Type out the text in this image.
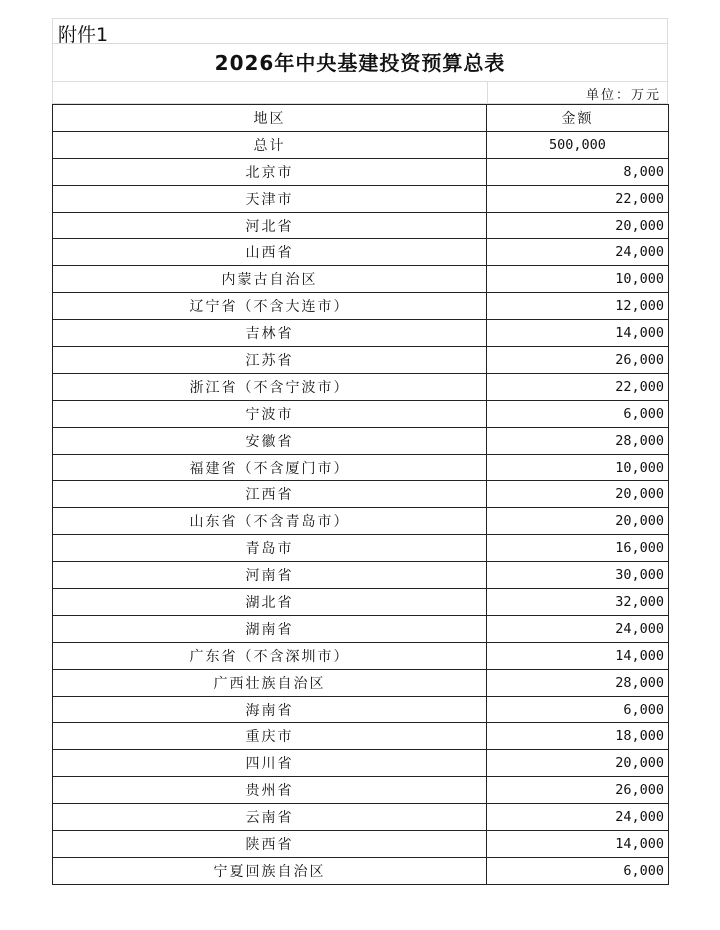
附件1
2026年中央基建投资预算总表
单位：万元
地区	金额
总计	500,000
北京市	8,000
天津市	22,000
河北省	20,000
山西省	24,000
内蒙古自治区	10,000
辽宁省（不含大连市）	12,000
吉林省	14,000
江苏省	26,000
浙江省（不含宁波市）	22,000
宁波市	6,000
安徽省	28,000
福建省（不含厦门市）	10,000
江西省	20,000
山东省（不含青岛市）	20,000
青岛市	16,000
河南省	30,000
湖北省	32,000
湖南省	24,000
广东省（不含深圳市）	14,000
广西壮族自治区	28,000
海南省	6,000
重庆市	18,000
四川省	20,000
贵州省	26,000
云南省	24,000
陕西省	14,000
宁夏回族自治区	6,000
